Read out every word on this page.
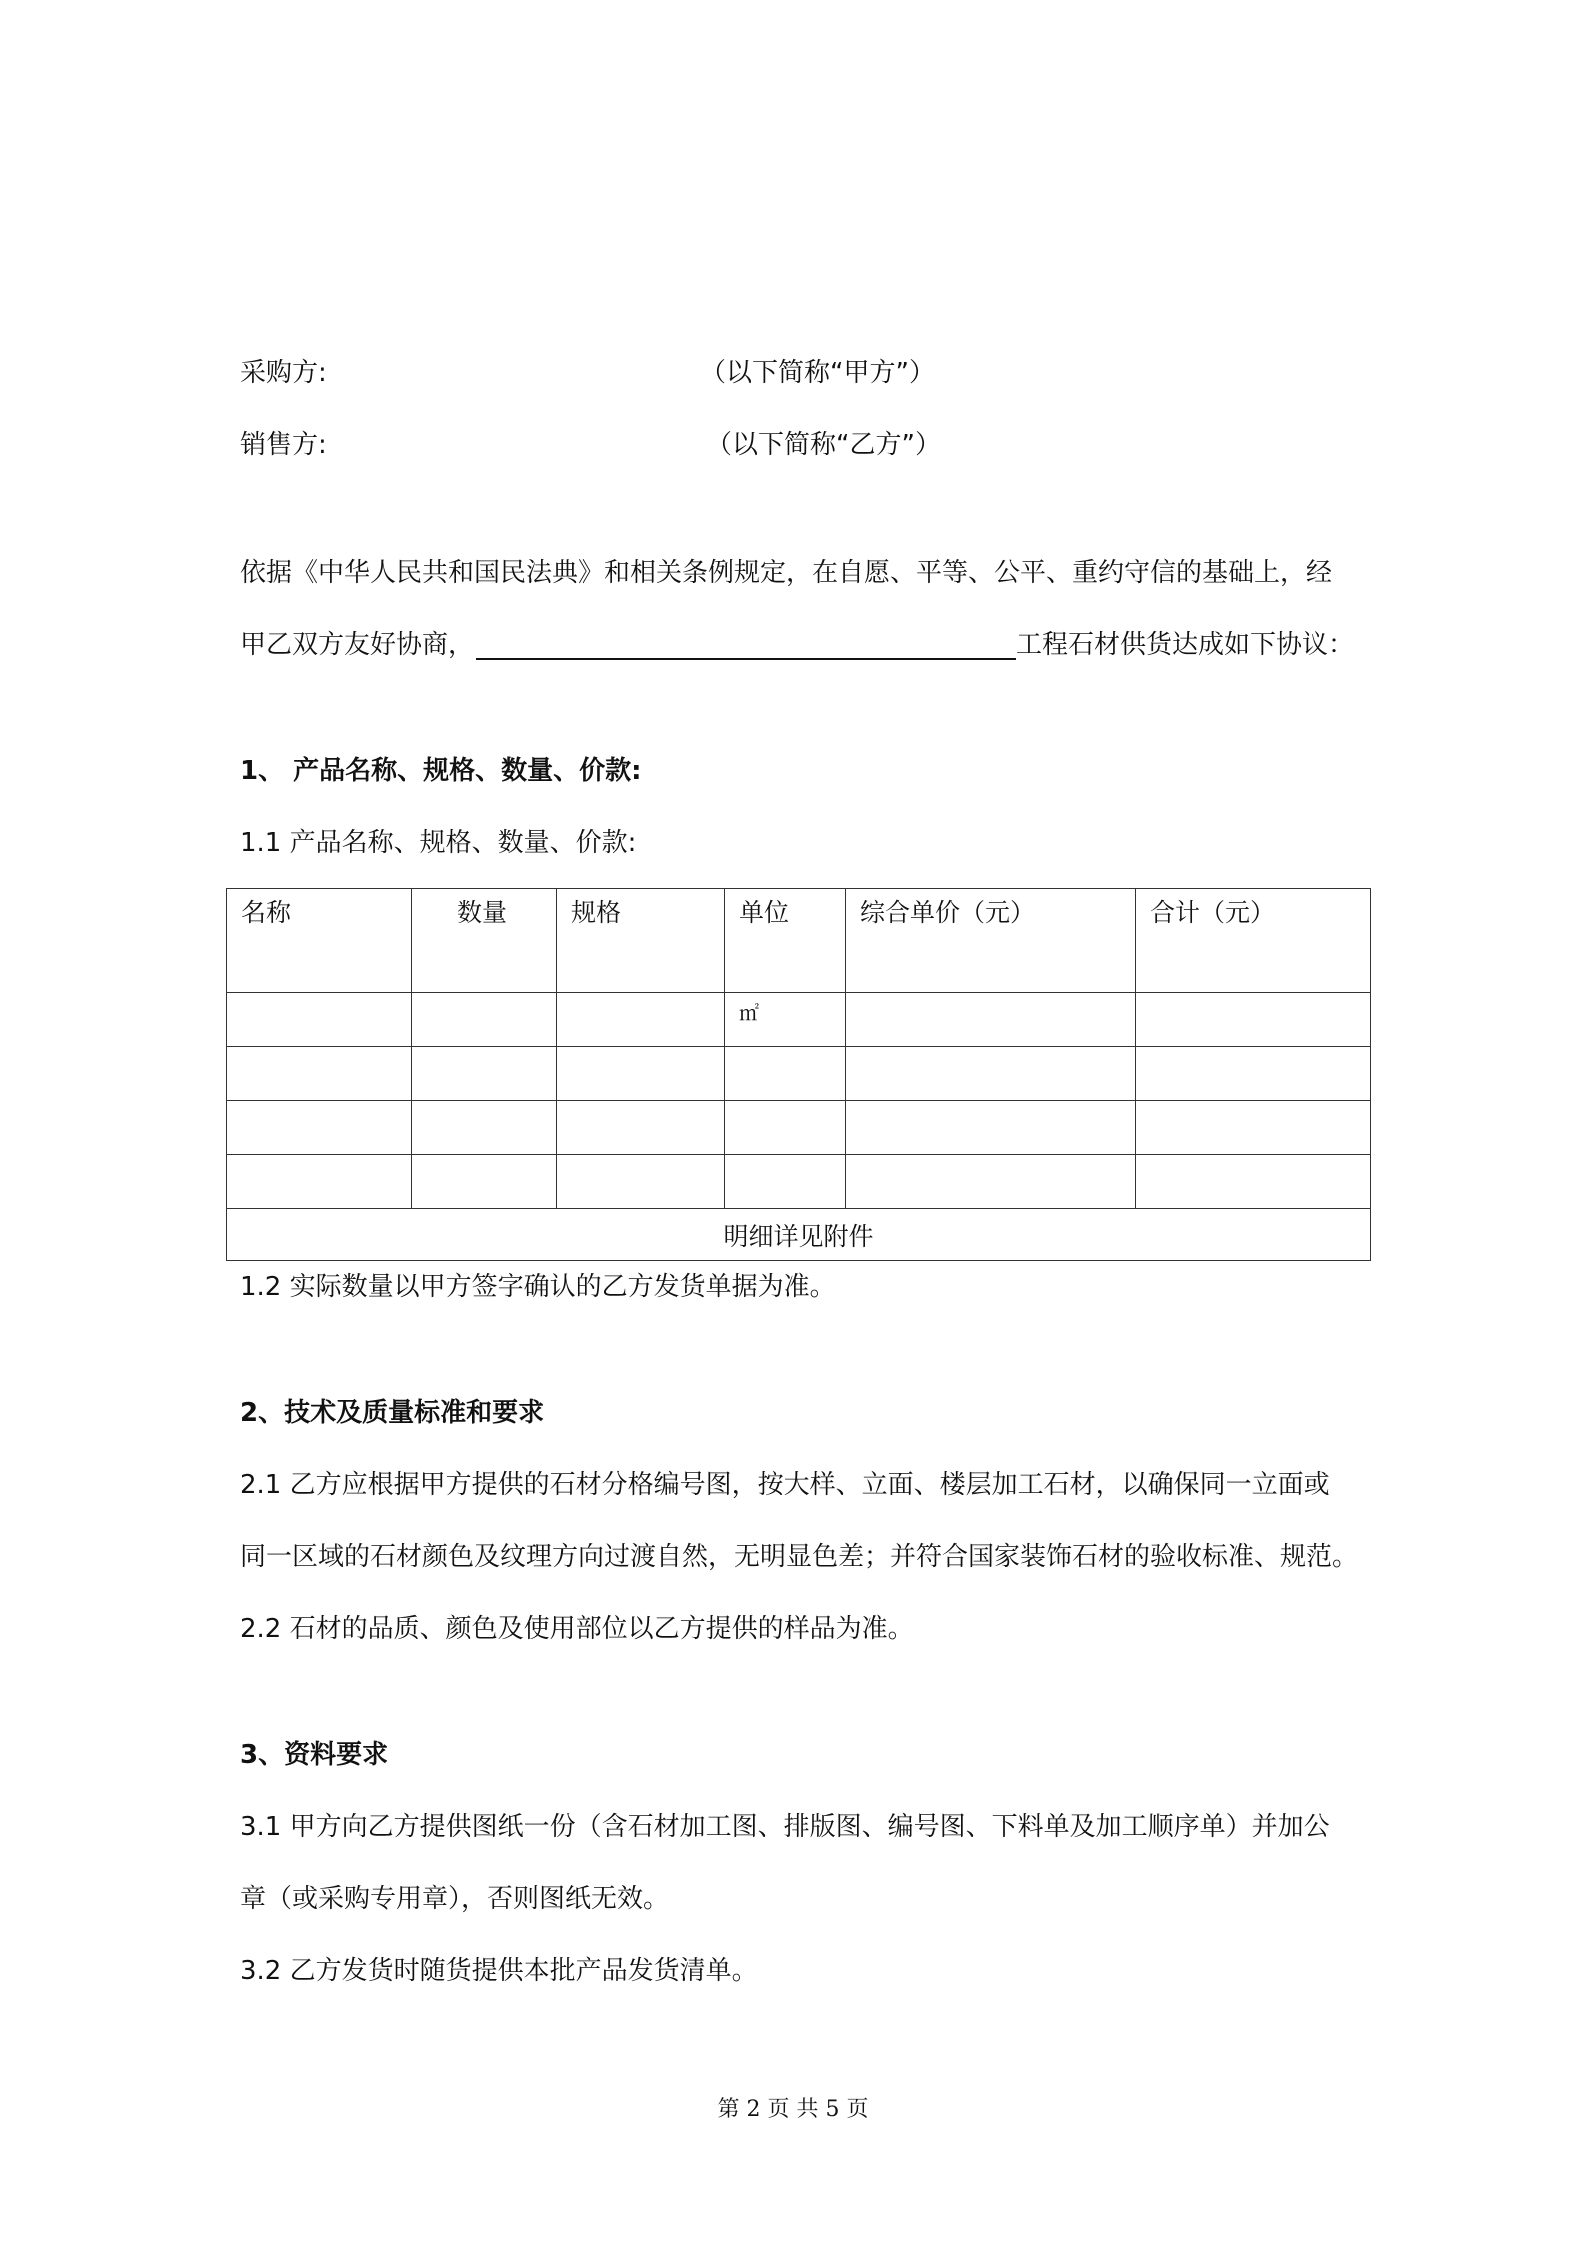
采购方:	（以下简称“甲方”）
销售方:	（以下简称“乙方”）
依据《中华人民共和国民法典》和相关条例规定，在自愿、平等、公平、重约守信的基础上，经
甲乙双方友好协商，	工程石材供货达成如下协议：
1、 产品名称、规格、数量、价款:
1.1 产品名称、规格、数量、价款:
名称	数量	规格	单位	综合单价（元）	合计（元）
			㎡		

明细详见附件					
1.2 实际数量以甲方签字确认的乙方发货单据为准。
2、技术及质量标准和要求
2.1 乙方应根据甲方提供的石材分格编号图，按大样、立面、楼层加工石材，以确保同一立面或
同一区域的石材颜色及纹理方向过渡自然，无明显色差；并符合国家装饰石材的验收标准、规范。
2.2 石材的品质、颜色及使用部位以乙方提供的样品为准。
3、资料要求
3.1 甲方向乙方提供图纸一份（含石材加工图、排版图、编号图、下料单及加工顺序单）并加公
章（或采购专用章），否则图纸无效。
3.2 乙方发货时随货提供本批产品发货清单。
第 2 页 共 5 页
